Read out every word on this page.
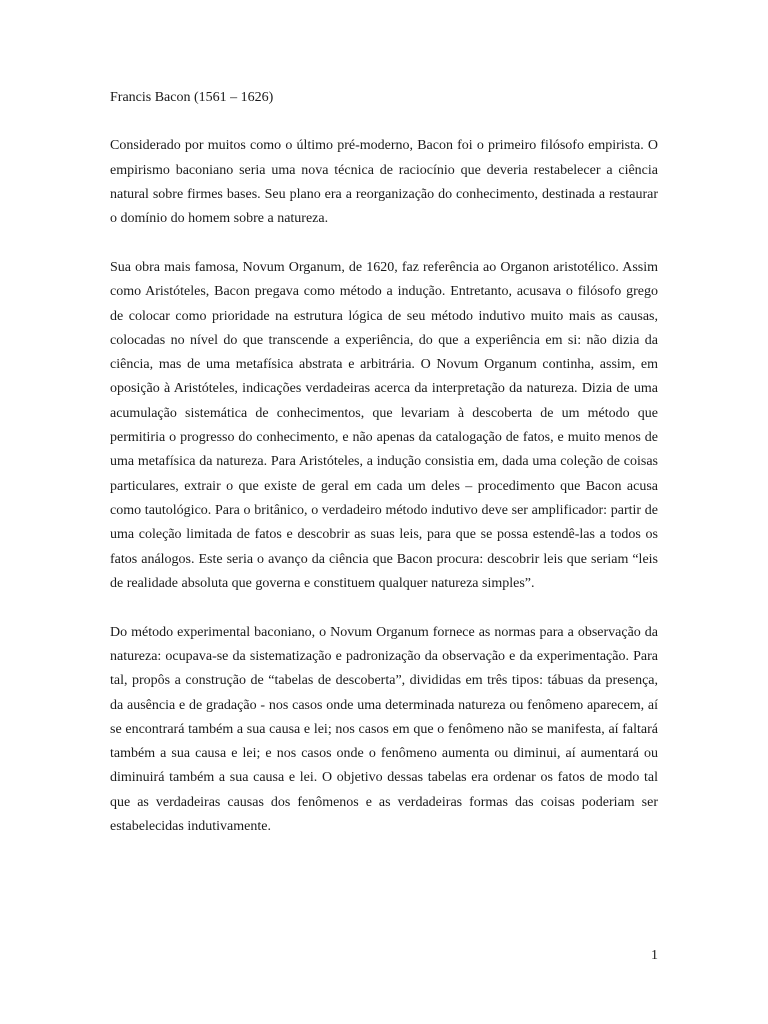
Francis Bacon (1561 – 1626)

Considerado por muitos como o último pré-moderno, Bacon foi o primeiro filósofo empirista. O empirismo baconiano seria uma nova técnica de raciocínio que deveria restabelecer a ciência natural sobre firmes bases. Seu plano era a reorganização do conhecimento, destinada a restaurar o domínio do homem sobre a natureza.

Sua obra mais famosa, Novum Organum, de 1620, faz referência ao Organon aristotélico. Assim como Aristóteles, Bacon pregava como método a indução. Entretanto, acusava o filósofo grego de colocar como prioridade na estrutura lógica de seu método indutivo muito mais as causas, colocadas no nível do que transcende a experiência, do que a experiência em si: não dizia da ciência, mas de uma metafísica abstrata e arbitrária. O Novum Organum continha, assim, em oposição à Aristóteles, indicações verdadeiras acerca da interpretação da natureza. Dizia de uma acumulação sistemática de conhecimentos, que levariam à descoberta de um método que permitiria o progresso do conhecimento, e não apenas da catalogação de fatos, e muito menos de uma metafísica da natureza. Para Aristóteles, a indução consistia em, dada uma coleção de coisas particulares, extrair o que existe de geral em cada um deles – procedimento que Bacon acusa como tautológico. Para o britânico, o verdadeiro método indutivo deve ser amplificador: partir de uma coleção limitada de fatos e descobrir as suas leis, para que se possa estendê-las a todos os fatos análogos. Este seria o avanço da ciência que Bacon procura: descobrir leis que seriam “leis de realidade absoluta que governa e constituem qualquer natureza simples”.

Do método experimental baconiano, o Novum Organum fornece as normas para a observação da natureza: ocupava-se da sistematização e padronização da observação e da experimentação. Para tal, propôs a construção de “tabelas de descoberta”, divididas em três tipos: tábuas da presença, da ausência e de gradação - nos casos onde uma determinada natureza ou fenômeno aparecem, aí se encontrará também a sua causa e lei; nos casos em que o fenômeno não se manifesta, aí faltará também a sua causa e lei; e nos casos onde o fenômeno aumenta ou diminui, aí aumentará ou diminuirá também a sua causa e lei. O objetivo dessas tabelas era ordenar os fatos de modo tal que as verdadeiras causas dos fenômenos e as verdadeiras formas das coisas poderiam ser estabelecidas indutivamente.

1
